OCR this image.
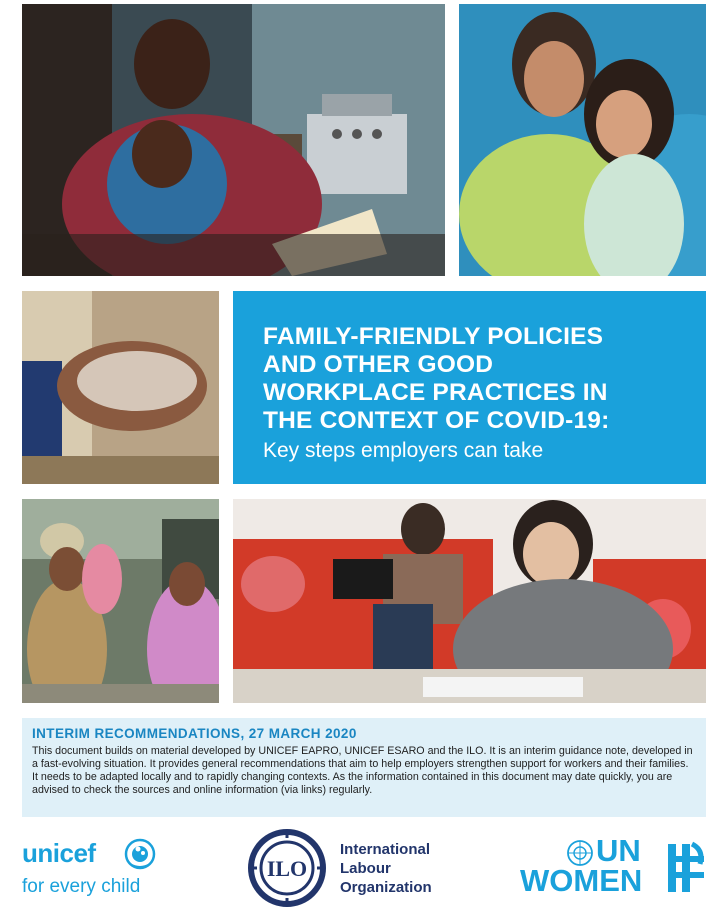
FAMILY-FRIENDLY POLICIES
AND OTHER GOOD
WORKPLACE PRACTICES IN
THE CONTEXT OF COVID-19:
Key steps employers can take
INTERIM RECOMMENDATIONS, 27 MARCH 2020
This document builds on material developed by UNICEF EAPRO, UNICEF ESARO and the ILO. It is an interim guidance note, developed in a fast-evolving situation. It provides general recommendations that aim to help employers strengthen support for workers and their families. It needs to be adapted locally and to rapidly changing contexts. As the information contained in this document may date quickly, you are advised to check the sources and online information (via links) regularly.
unicef
for every child
ILO
International
Labour
Organization
UN
WOMEN
